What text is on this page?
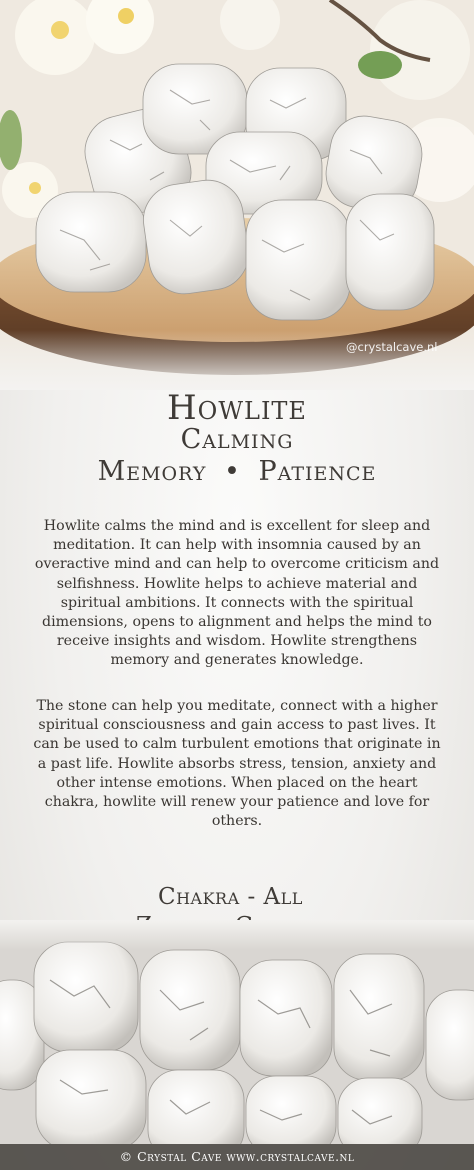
@crystalcave.nl
Howlite
Calming
Memory • Patience
Howlite calms the mind and is excellent for sleep and meditation. It can help with insomnia caused by an overactive mind and can help to overcome criticism and selfishness. Howlite helps to achieve material and spiritual ambitions. It connects with the spiritual dimensions, opens to alignment and helps the mind to receive insights and wisdom. Howlite strengthens memory and generates knowledge.
The stone can help you meditate, connect with a higher spiritual consciousness and gain access to past lives. It can be used to calm turbulent emotions that originate in a past life. Howlite absorbs stress, tension, anxiety and other intense emotions. When placed on the heart chakra, howlite will renew your patience and love for others.
Chakra - All
© Crystal Cave www.crystalcave.nl
